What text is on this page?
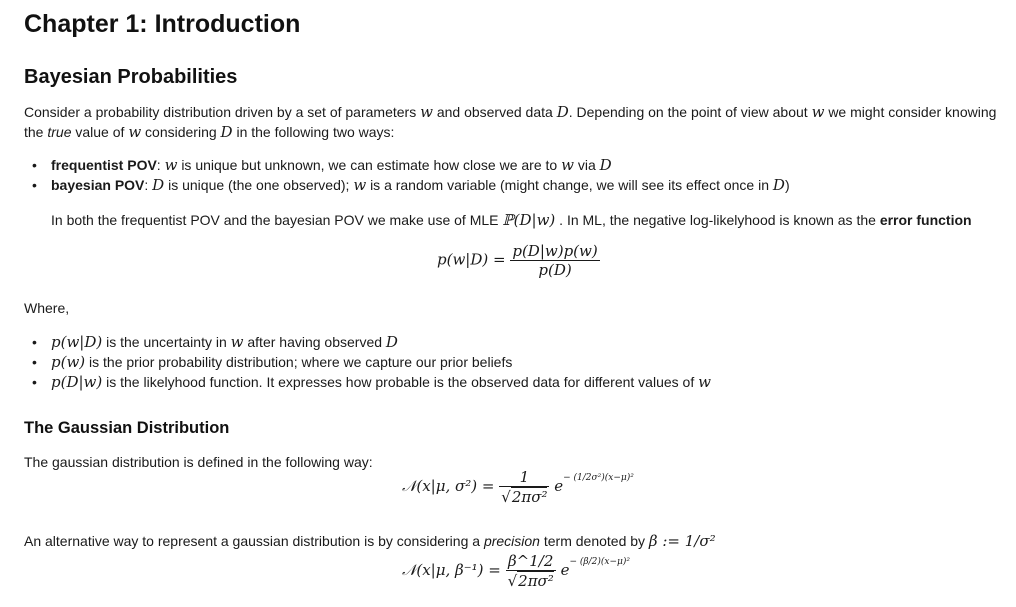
Chapter 1: Introduction
Bayesian Probabilities

Consider a probability distribution driven by a set of parameters w and observed data D. Depending on the point of view about w we might consider knowing

the true value of w considering D in the following two ways:

• frequentist POV: w is unique but unknown, we can estimate how close we are to w via D
• bayesian POV: D is unique (the one observed); w is a random variable (might change, we will see its effect once in D)

In both the frequentist POV and the bayesian POV we make use of MLE ℙ(D|w) . In ML, the negative log-likelyhood is known as the error function

$p(w|D) = \frac{p(D|w)p(w)}{p(D)}$

Where,

• p(w|D) is the uncertainty in w after having observed D
• p(w) is the prior probability distribution; where we capture our prior beliefs
• p(D|w) is the likelyhood function. It expresses how probable is the observed data for different values of w
The Gaussian Distribution

The gaussian distribution is defined in the following way:

𝒩(x|μ, $\sigma^2) = \frac{1}{\text{√2πσ²}} e^{- (1/2\sigma^2)(x-\mu)^2}$

An alternative way to represent a gaussian distribution is by considering a precision term denoted by β := 1/σ²

𝒩(x|μ, $\beta^{-1}) = \frac{\beta\^{}1/2}{\text{√2πσ²}} e^{- (\beta/2)(x-\mu)^2}$
